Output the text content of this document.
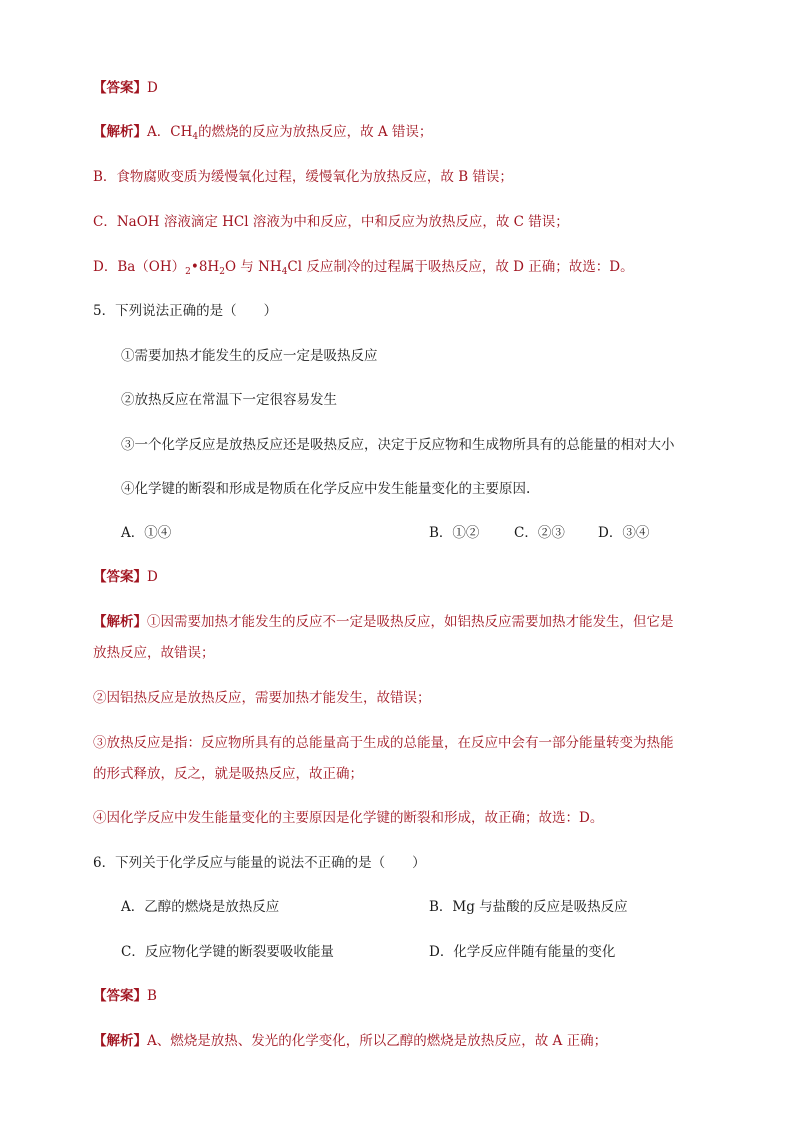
【答案】D
【解析】A．$CH_4$的燃烧的反应为放热反应，故 A 错误；
B．食物腐败变质为缓慢氧化过程，缓慢氧化为放热反应，故 B 错误；
C．NaOH 溶液滴定 HCl 溶液为中和反应，中和反应为放热反应，故 C 错误；
D．$Ba(OH)_2•8H_2O$ 与 $NH_4Cl$ 反应制冷的过程属于吸热反应，故 D 正确；故选：D。
5．下列说法正确的是（　　）
①需要加热才能发生的反应一定是吸热反应
②放热反应在常温下一定很容易发生
③一个化学反应是放热反应还是吸热反应，决定于反应物和生成物所具有的总能量的相对大小
④化学键的断裂和形成是物质在化学反应中发生能量变化的主要原因.
A．①④	B．①②	C．②③ D．③④
【答案】D
【解析】①因需要加热才能发生的反应不一定是吸热反应，如铝热反应需要加热才能发生，但它是
放热反应，故错误；
②因铝热反应是放热反应，需要加热才能发生，故错误；
③放热反应是指：反应物所具有的总能量高于生成的总能量，在反应中会有一部分能量转变为热能
的形式释放，反之，就是吸热反应，故正确；
④因化学反应中发生能量变化的主要原因是化学键的断裂和形成，故正确；故选：D。
6．下列关于化学反应与能量的说法不正确的是（　　）
A．乙醇的燃烧是放热反应	B．Mg 与盐酸的反应是吸热反应
C．反应物化学键的断裂要吸收能量	D．化学反应伴随有能量的变化
【答案】B
【解析】A、燃烧是放热、发光的化学变化，所以乙醇的燃烧是放热反应，故 A 正确；
